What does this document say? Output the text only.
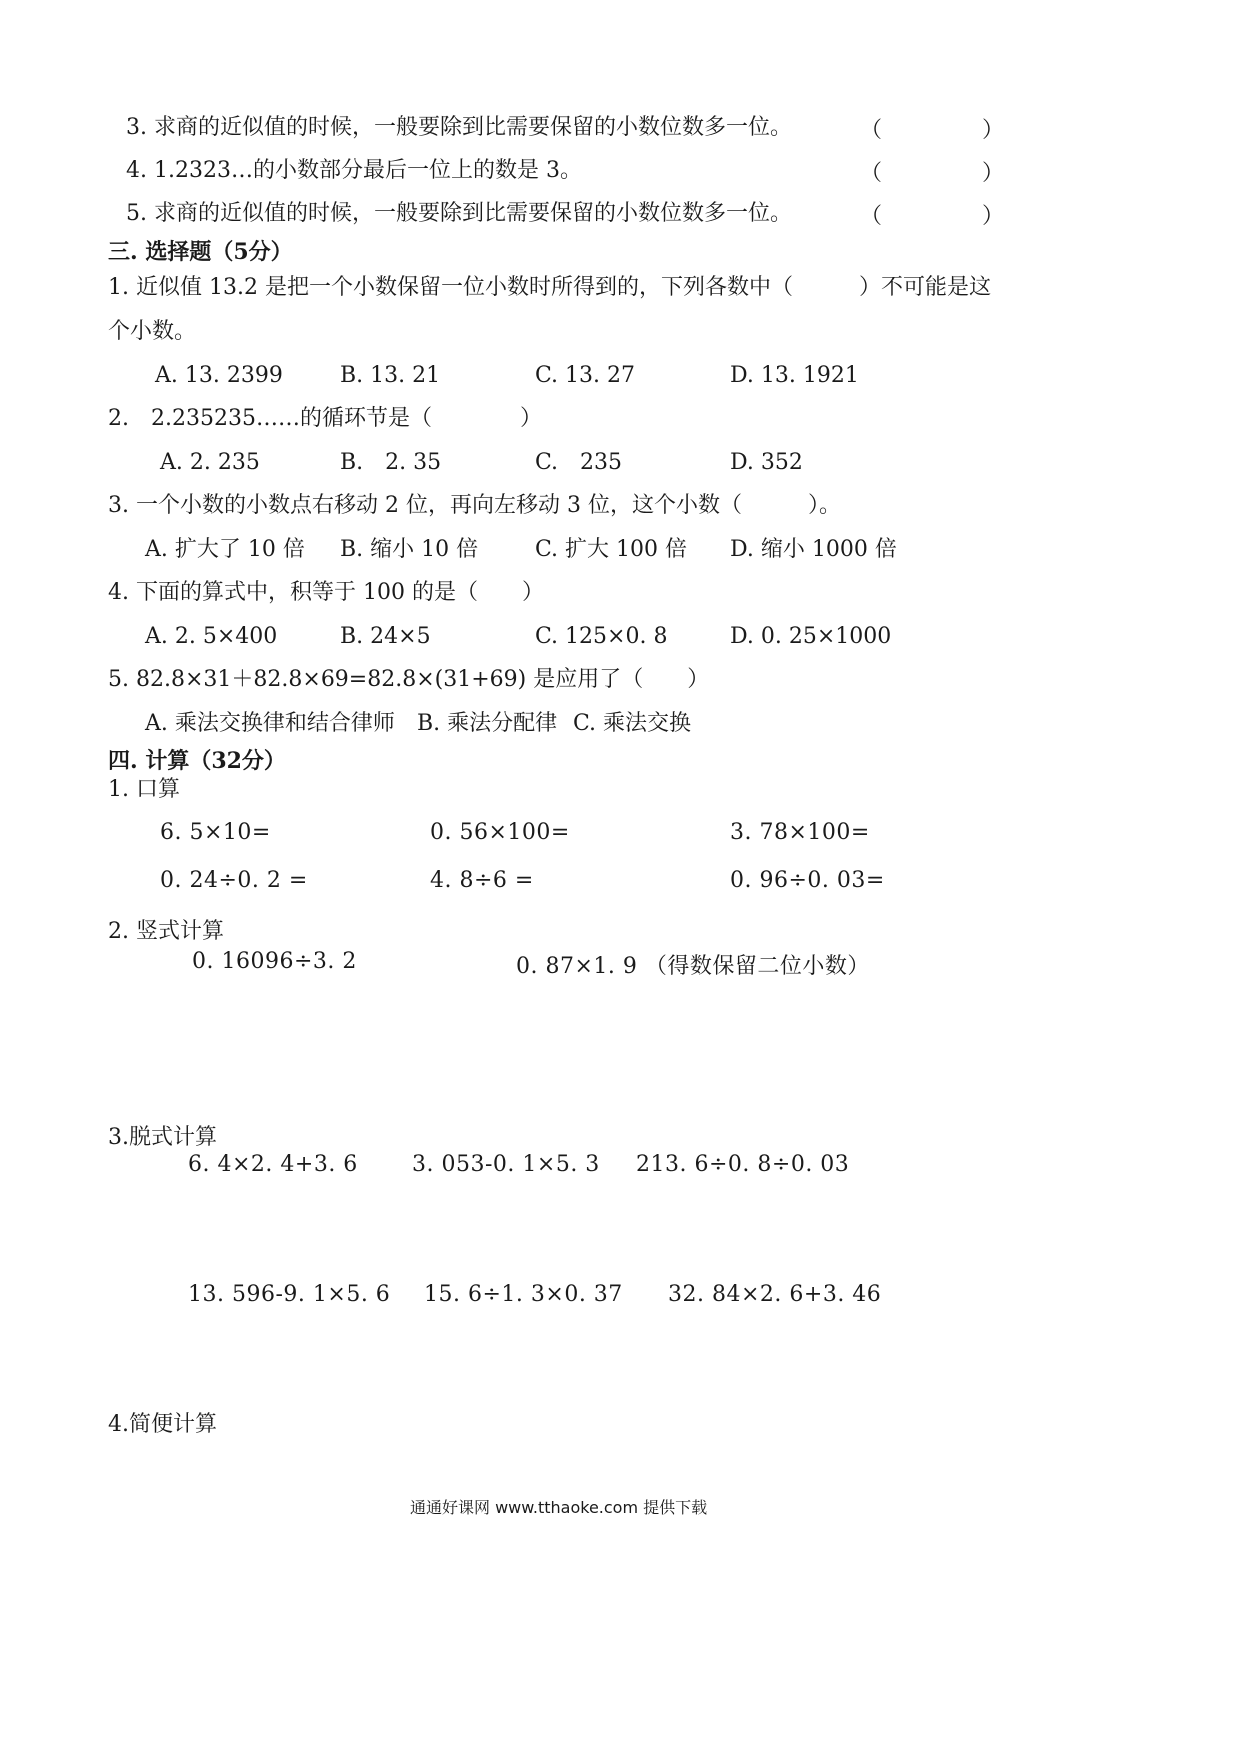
3. 求商的近似值的时候，一般要除到比需要保留的小数位数多一位。	（	）
4. 1.2323…的小数部分最后一位上的数是 3。	（	）
5. 求商的近似值的时候，一般要除到比需要保留的小数位数多一位。	（	）
三. 选择题（5分）
1. 近似值 13.2 是把一个小数保留一位小数时所得到的，下列各数中（　　　）不可能是这
个小数。
A. 13. 2399	B. 13. 21	C. 13. 27	D. 13. 1921
2.　2.235235……的循环节是（　　　　）
A. 2. 235	B.　2. 35	C.　235	D. 352
3. 一个小数的小数点右移动 2 位，再向左移动 3 位，这个小数（　　　）。
A. 扩大了 10 倍 B. 缩小 10 倍	C. 扩大 100 倍 D. 缩小 1000 倍
4. 下面的算式中，积等于 100 的是（　　）
A. 2. 5×400	B. 24×5	C. 125×0. 8	D. 0. 25×1000
5. 82.8×31＋82.8×69=82.8×(31+69) 是应用了（　　）
A. 乘法交换律和结合律师 B. 乘法分配律 C. 乘法交换
四. 计算（32分）
1. 口算
6. 5×10=	0. 56×100=	3. 78×100=
0. 24÷0. 2 =	4. 8÷6 =	0. 96÷0. 03=
2. 竖式计算
0. 16096÷3. 2	0. 87×1. 9 （得数保留二位小数）
3.脱式计算
6. 4×2. 4+3. 6 3. 053-0. 1×5. 3 213. 6÷0. 8÷0. 03
13. 596-9. 1×5. 6 15. 6÷1. 3×0. 37 32. 84×2. 6+3. 46
4.简便计算
通通好课网 www.tthaoke.com 提供下载
